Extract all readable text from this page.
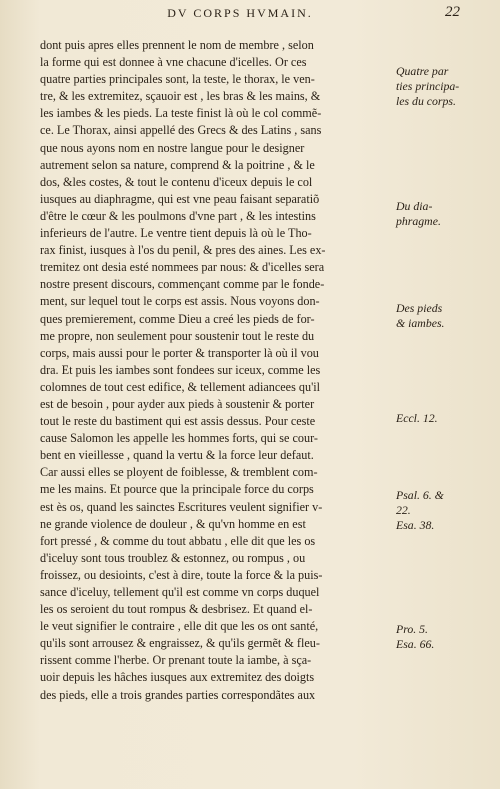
DV CORPS HVMAIN.	22
dont puis apres elles prennent le nom de membre , selon
la forme qui est donnee à vne chacune d'icelles. Or ces
quatre parties principales sont, la teste, le thorax, le ven-
tre, & les extremitez, sçauoir est , les bras & les mains, &
les iambes & les pieds. La teste finist là où le col commẽ-
ce. Le Thorax, ainsi appellé des Grecs & des Latins , sans
que nous ayons nom en nostre langue pour le designer
autrement selon sa nature, comprend & la poitrine , & le
dos, &les costes, & tout le contenu d'iceux depuis le col
iusques au diaphragme, qui est vne peau faisant separatiõ
d'être le cœur & les poulmons d'vne part , & les intestins
inferieurs de l'autre. Le ventre tient depuis là où le Tho-
rax finist, iusques à l'os du penil, & pres des aines. Les ex-
tremitez ont desia esté nommees par nous: & d'icelles sera
nostre present discours, commençant comme par le fonde-
ment, sur lequel tout le corps est assis. Nous voyons don-
ques premierement, comme Dieu a creé les pieds de for-
me propre, non seulement pour soustenir tout le reste du
corps, mais aussi pour le porter & transporter là où il vou
dra. Et puis les iambes sont fondees sur iceux, comme les
colomnes de tout cest edifice, & tellement adiancees qu'il
est de besoin , pour ayder aux pieds à soustenir & porter
tout le reste du bastiment qui est assis dessus. Pour ceste
cause Salomon les appelle les hommes forts, qui se cour-
bent en vieillesse , quand la vertu & la force leur defaut.
Car aussi elles se ployent de foiblesse, & tremblent com-
me les mains. Et pource que la principale force du corps
est ès os, quand les sainctes Escritures veulent signifier v-
ne grande violence de douleur , & qu'vn homme en est
fort pressé , & comme du tout abbatu , elle dit que les os
d'iceluy sont tous troublez & estonnez, ou rompus , ou
froissez, ou desioints, c'est à dire, toute la force & la puis-
sance d'iceluy, tellement qu'il est comme vn corps duquel
les os seroient du tout rompus & desbrisez. Et quand el-
le veut signifier le contraire , elle dit que les os ont santé,
qu'ils sont arrousez & engraissez, & qu'ils germẽt & fleu-
rissent comme l'herbe. Or prenant toute la iambe, à sça-
uoir depuis les hâches iusques aux extremitez des doigts
des pieds, elle a trois grandes parties correspondãtes aux
Quatre par
ties principa-
les du corps.
Du dia-
phragme.
Des pieds
& iambes.
Eccl. 12.
Psal. 6. &
22.
Esa. 38.
Pro. 5.
Esa. 66.
